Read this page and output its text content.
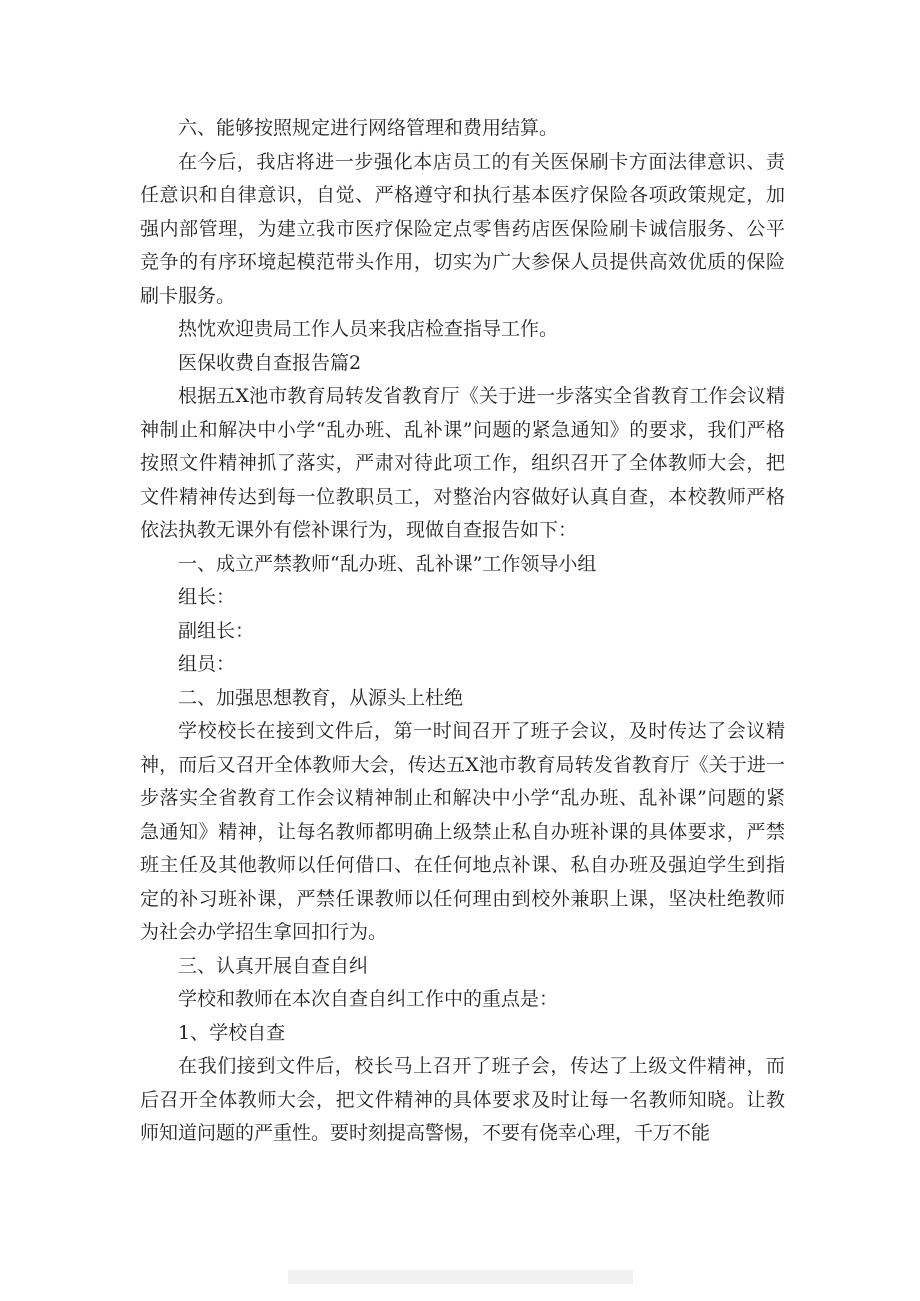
六、能够按照规定进行网络管理和费用结算。

在今后，我店将进一步强化本店员工的有关医保刷卡方面法律意识、责任意识和自律意识，自觉、严格遵守和执行基本医疗保险各项政策规定，加强内部管理，为建立我市医疗保险定点零售药店医保险刷卡诚信服务、公平竞争的有序环境起模范带头作用，切实为广大参保人员提供高效优质的保险刷卡服务。

热忱欢迎贵局工作人员来我店检查指导工作。

医保收费自查报告篇2

根据五X池市教育局转发省教育厅《关于进一步落实全省教育工作会议精神制止和解决中小学“乱办班、乱补课”问题的紧急通知》的要求，我们严格按照文件精神抓了落实，严肃对待此项工作，组织召开了全体教师大会，把文件精神传达到每一位教职员工，对整治内容做好认真自查，本校教师严格依法执教无课外有偿补课行为，现做自查报告如下：

一、成立严禁教师“乱办班、乱补课”工作领导小组

组长：

副组长：

组员：

二、加强思想教育，从源头上杜绝

学校校长在接到文件后，第一时间召开了班子会议，及时传达了会议精神，而后又召开全体教师大会，传达五X池市教育局转发省教育厅《关于进一步落实全省教育工作会议精神制止和解决中小学“乱办班、乱补课”问题的紧急通知》精神，让每名教师都明确上级禁止私自办班补课的具体要求，严禁班主任及其他教师以任何借口、在任何地点补课、私自办班及强迫学生到指定的补习班补课，严禁任课教师以任何理由到校外兼职上课，坚决杜绝教师为社会办学招生拿回扣行为。

三、认真开展自查自纠

学校和教师在本次自查自纠工作中的重点是：

1、学校自查

在我们接到文件后，校长马上召开了班子会，传达了上级文件精神，而后召开全体教师大会，把文件精神的具体要求及时让每一名教师知晓。让教师知道问题的严重性。要时刻提高警惕，不要有侥幸心理，千万不能
